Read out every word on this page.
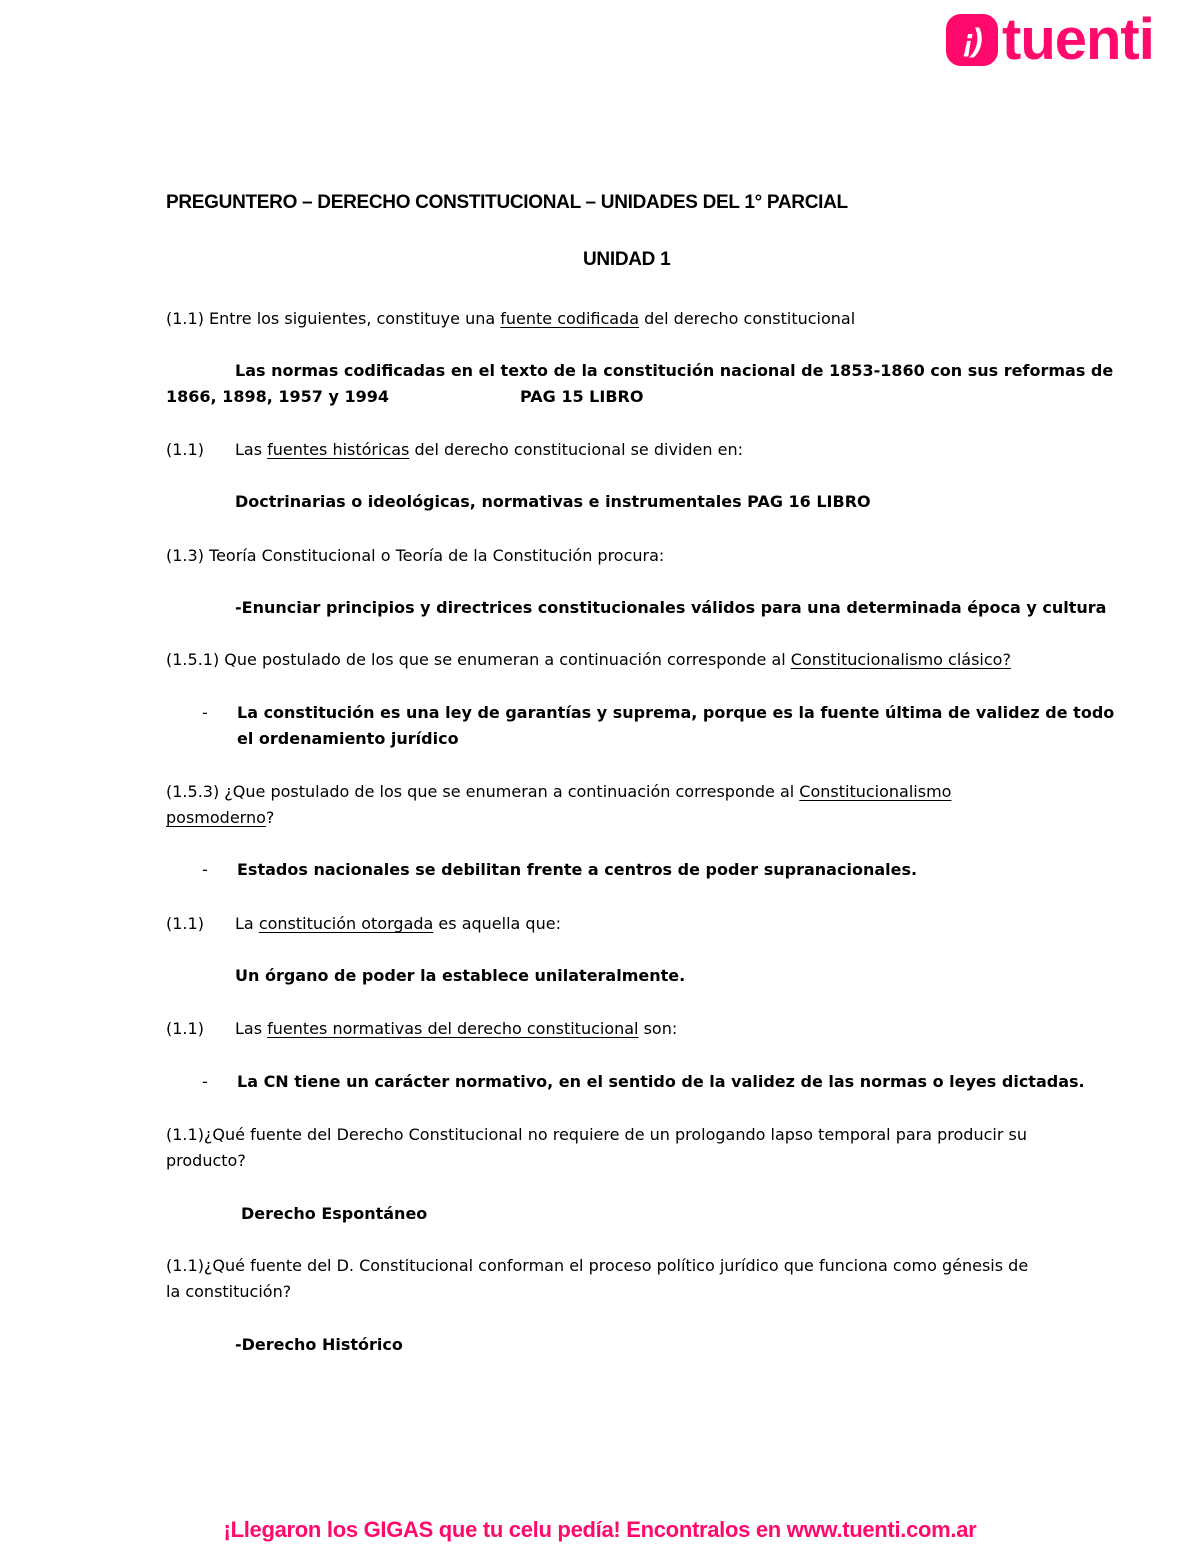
¡) tuenti
PREGUNTERO – DERECHO CONSTITUCIONAL – UNIDADES DEL 1° PARCIAL
UNIDAD 1
(1.1) Entre los siguientes, constituye una fuente codificada del derecho constitucional
Las normas codificadas en el texto de la constitución nacional de 1853-1860 con sus reformas de
1866, 1898, 1957 y 1994	PAG 15 LIBRO
(1.1) Las fuentes históricas del derecho constitucional se dividen en:
Doctrinarias o ideológicas, normativas e instrumentales PAG 16 LIBRO
(1.3) Teoría Constitucional o Teoría de la Constitución procura:
-Enunciar principios y directrices constitucionales válidos para una determinada época y cultura
(1.5.1) Que postulado de los que se enumeran a continuación corresponde al Constitucionalismo clásico?
- La constitución es una ley de garantías y suprema, porque es la fuente última de validez de todo
el ordenamiento jurídico
(1.5.3) ¿Que postulado de los que se enumeran a continuación corresponde al Constitucionalismo
posmoderno?
- Estados nacionales se debilitan frente a centros de poder supranacionales.
(1.1) La constitución otorgada es aquella que:
Un órgano de poder la establece unilateralmente.
(1.1) Las fuentes normativas del derecho constitucional son:
- La CN tiene un carácter normativo, en el sentido de la validez de las normas o leyes dictadas.
(1.1)¿Qué fuente del Derecho Constitucional no requiere de un prologando lapso temporal para producir su
producto?
Derecho Espontáneo
(1.1)¿Qué fuente del D. Constitucional conforman el proceso político jurídico que funciona como génesis de
la constitución?
-Derecho Histórico
¡Llegaron los GIGAS que tu celu pedía! Encontralos en www.tuenti.com.ar
